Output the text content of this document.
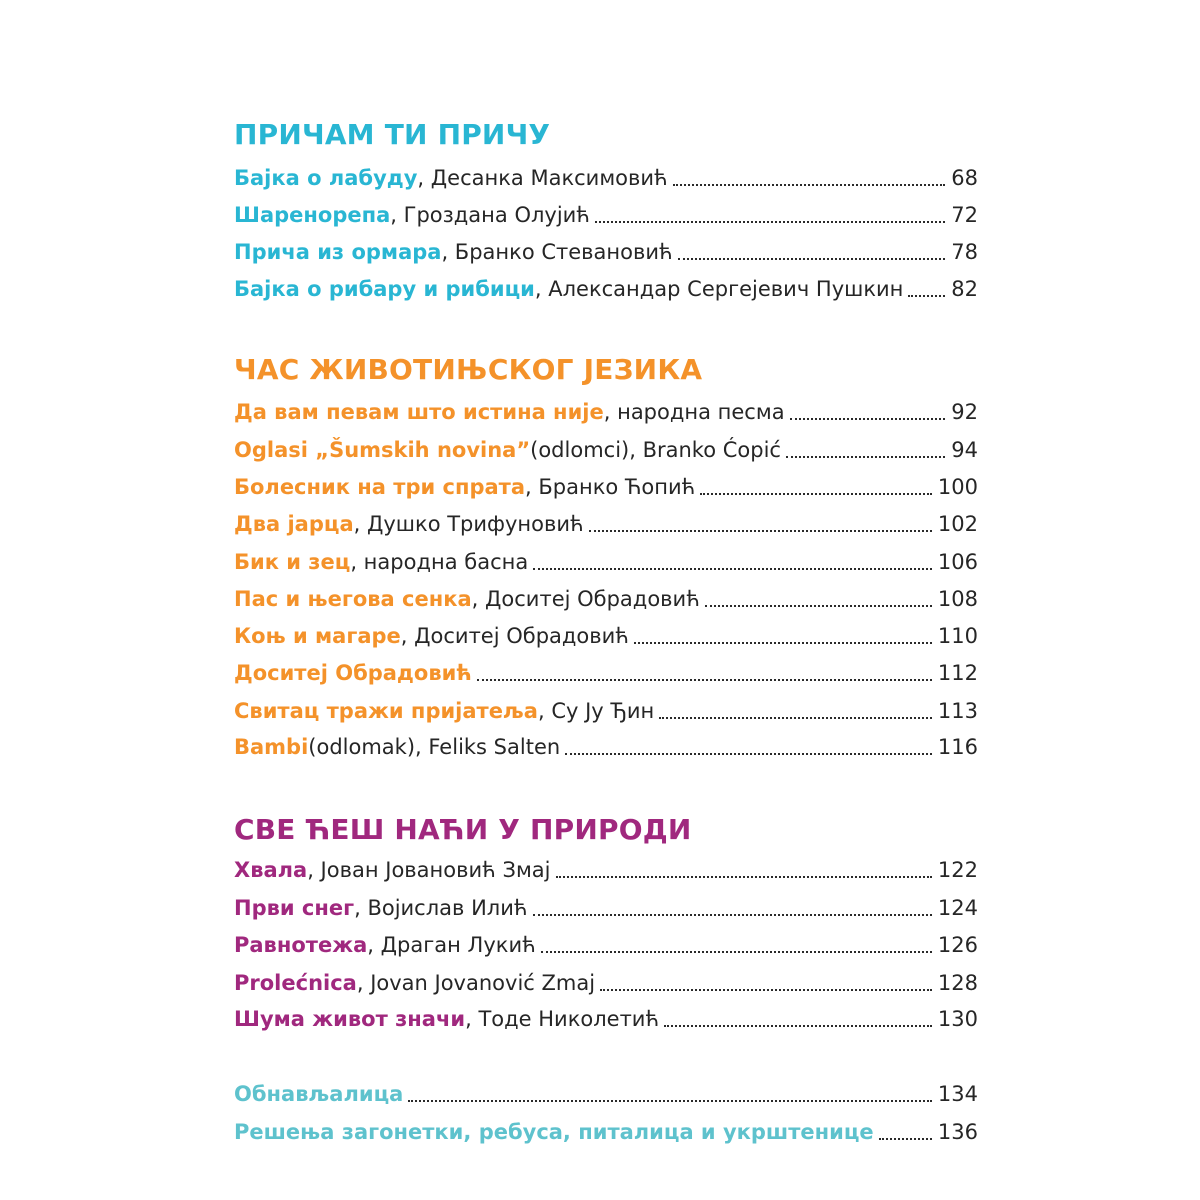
ПРИЧАМ ТИ ПРИЧУ
Бајка о лабуду , Десанка Максимовић	68
Шаренорепа , Гроздана Олујић	72
Прича из ормара , Бранко Стевановић	78
Бајка о рибару и рибици , Александар Сергејевич Пушкин 82
ЧАС ЖИВОТИЊСКОГ ЈЕЗИКА
Да вам певам што истина није , народна песма	92
Oglasi „Šumskih novina” (odlomci), Branko Ćopić	94
Болесник на три спрата , Бранко Ћопић	100
Два јарца , Душко Трифуновић	102
Бик и зец , народна басна	106
Пас и његова сенка , Доситеј Обрадовић	108
Коњ и магаре , Доситеј Обрадовић	110
Доситеј Обрадовић	112
Свитац тражи пријатеља , Су Ју Ђин	113
Bambi (odlomak), Feliks Salten	116
СВЕ ЋЕШ НАЋИ У ПРИРОДИ
Хвала , Јован Јовановић Змај	122
Први снег , Војислав Илић	124
Равнотежа , Драган Лукић	126
Prolećnica , Jovan Jovanović Zmaj	128
Шума живот значи , Тоде Николетић	130
Обнављалица	134
Решења загонетки, ребуса, питалица и укрштенице	136
